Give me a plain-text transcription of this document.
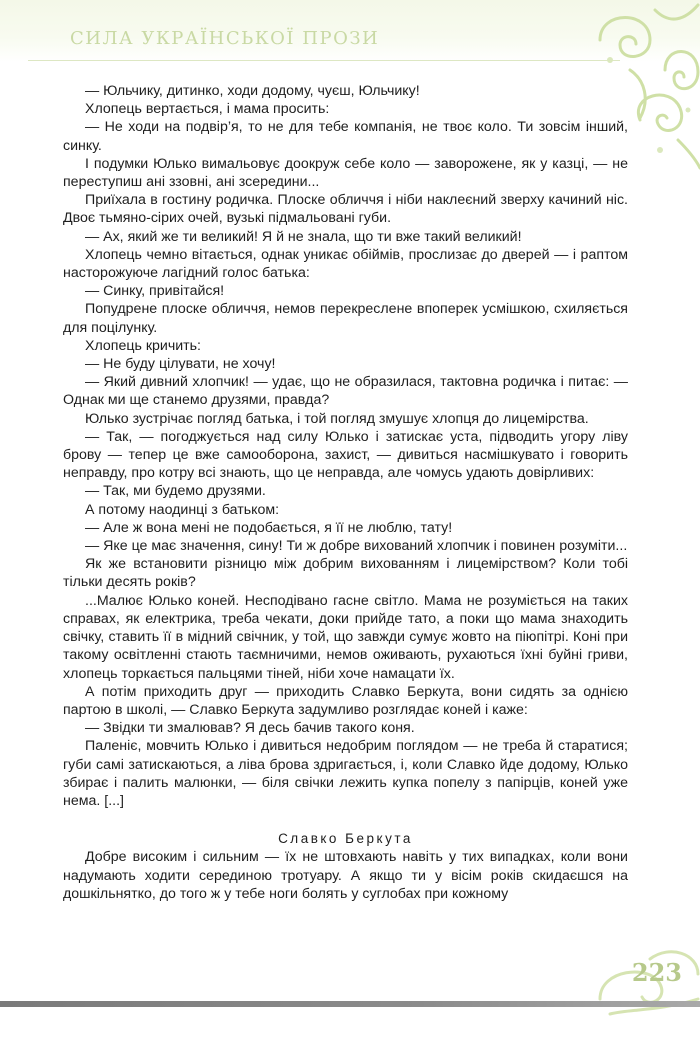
СИЛА УКРАЇНСЬКОЇ ПРОЗИ

— Юльчику, дитинко, ходи додому, чуєш, Юльчику!

Хлопець вертається, і мама просить:

— Не ходи на подвір’я, то не для тебе компанія, не твоє коло. Ти зовсім інший, синку.

І подумки Юлько вимальовує доокруж себе коло — заворожене, як у казці, — не переступиш ані ззовні, ані зсередини...

Приїхала в гостину родичка. Плоске обличчя і ніби наклеєний зверху качиний ніс. Двоє тьмяно-сірих очей, вузькі підмальовані губи.

— Ах, який же ти великий! Я й не знала, що ти вже такий великий!

Хлопець чемно вітається, однак уникає обіймів, прослизає до дверей — і раптом насторожуюче лагідний голос батька:

— Синку, привітайся!

Попудрене плоске обличчя, немов перекреслене впоперек усмішкою, схиляється для поцілунку.

Хлопець кричить:

— Не буду цілувати, не хочу!

— Який дивний хлопчик! — удає, що не образилася, тактовна родичка і питає: — Однак ми ще станемо друзями, правда?

Юлько зустрічає погляд батька, і той погляд змушує хлопця до лицемірства.

— Так, — погоджується над силу Юлько і затискає уста, підводить угору ліву брову — тепер це вже самооборона, захист, — дивиться насмішкувато і говорить неправду, про котру всі знають, що це неправда, але чомусь удають довірливих:

— Так, ми будемо друзями.

А потому наодинці з батьком:

— Але ж вона мені не подобається, я її не люблю, тату!

— Яке це має значення, сину! Ти ж добре вихований хлопчик і повинен розуміти...

Як же встановити різницю між добрим вихованням і лицемірством? Коли тобі тільки десять років?

...Малює Юлько коней. Несподівано гасне світло. Мама не розуміється на таких справах, як електрика, треба чекати, доки прийде тато, а поки що мама знаходить свічку, ставить її в мідний свічник, у той, що завжди сумує жовто на піюпітрі. Коні при такому освітленні стають таємничими, немов оживають, рухаються їхні буйні гриви, хлопець торкається пальцями тіней, ніби хоче намацати їх.

А потім приходить друг — приходить Славко Беркута, вони сидять за однією партою в школі, — Славко Беркута задумливо розглядає коней і каже:

— Звідки ти змалював? Я десь бачив такого коня.

Паленіє, мовчить Юлько і дивиться недобрим поглядом — не треба й старатися; губи самі затискаються, а ліва брова здригається, і, коли Славко йде додому, Юлько збирає і палить малюнки, — біля свічки лежить купка попелу з папірців, коней уже нема. [...]

Славко Беркута

Добре високим і сильним — їх не штовхають навіть у тих випадках, коли вони надумають ходити серединою тротуару. А якщо ти у вісім років скидаєшся на дошкільнятко, до того ж у тебе ноги болять у суглобах при кожному

223
